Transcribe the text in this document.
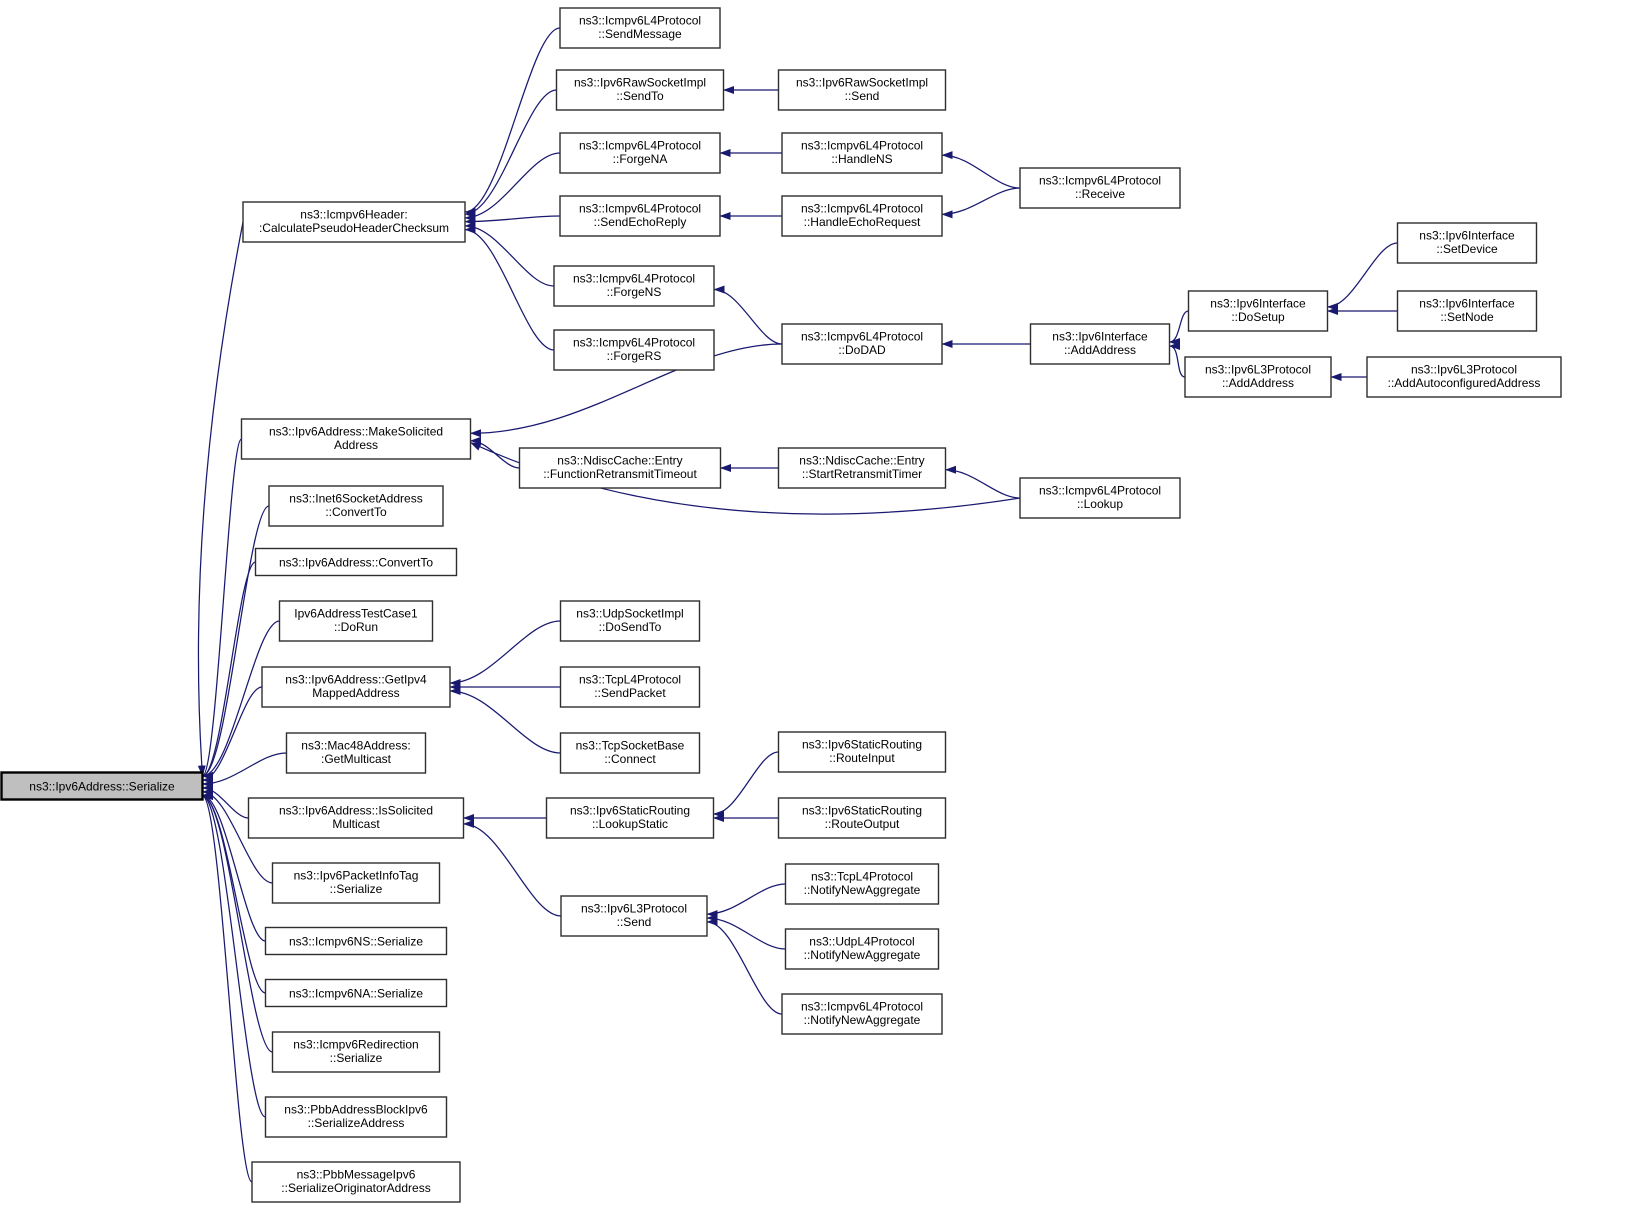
ns3::Ipv6Address::Serialize
ns3::Icmpv6Header:
:CalculatePseudoHeaderChecksum
ns3::Ipv6Address::MakeSolicited
Address
ns3::Inet6SocketAddress
::ConvertTo
ns3::Ipv6Address::ConvertTo
Ipv6AddressTestCase1
::DoRun
ns3::Ipv6Address::GetIpv4
MappedAddress
ns3::Mac48Address:
:GetMulticast
ns3::Ipv6Address::IsSolicited
Multicast
ns3::Ipv6PacketInfoTag
::Serialize
ns3::Icmpv6NS::Serialize
ns3::Icmpv6NA::Serialize
ns3::Icmpv6Redirection
::Serialize
ns3::PbbAddressBlockIpv6
::SerializeAddress
ns3::PbbMessageIpv6
::SerializeOriginatorAddress
ns3::Icmpv6L4Protocol
::SendMessage
ns3::Ipv6RawSocketImpl
::SendTo
ns3::Icmpv6L4Protocol
::ForgeNA
ns3::Icmpv6L4Protocol
::SendEchoReply
ns3::Icmpv6L4Protocol
::ForgeNS
ns3::Icmpv6L4Protocol
::ForgeRS
ns3::NdiscCache::Entry
::FunctionRetransmitTimeout
ns3::UdpSocketImpl
::DoSendTo
ns3::TcpL4Protocol
::SendPacket
ns3::TcpSocketBase
::Connect
ns3::Ipv6StaticRouting
::LookupStatic
ns3::Ipv6L3Protocol
::Send
ns3::Ipv6RawSocketImpl
::Send
ns3::Icmpv6L4Protocol
::HandleNS
ns3::Icmpv6L4Protocol
::HandleEchoRequest
ns3::Icmpv6L4Protocol
::DoDAD
ns3::NdiscCache::Entry
::StartRetransmitTimer
ns3::Ipv6StaticRouting
::RouteInput
ns3::Ipv6StaticRouting
::RouteOutput
ns3::TcpL4Protocol
::NotifyNewAggregate
ns3::UdpL4Protocol
::NotifyNewAggregate
ns3::Icmpv6L4Protocol
::NotifyNewAggregate
ns3::Icmpv6L4Protocol
::Receive
ns3::Ipv6Interface
::AddAddress
ns3::Icmpv6L4Protocol
::Lookup
ns3::Ipv6Interface
::DoSetup
ns3::Ipv6L3Protocol
::AddAddress
ns3::Ipv6Interface
::SetDevice
ns3::Ipv6Interface
::SetNode
ns3::Ipv6L3Protocol
::AddAutoconfiguredAddress
